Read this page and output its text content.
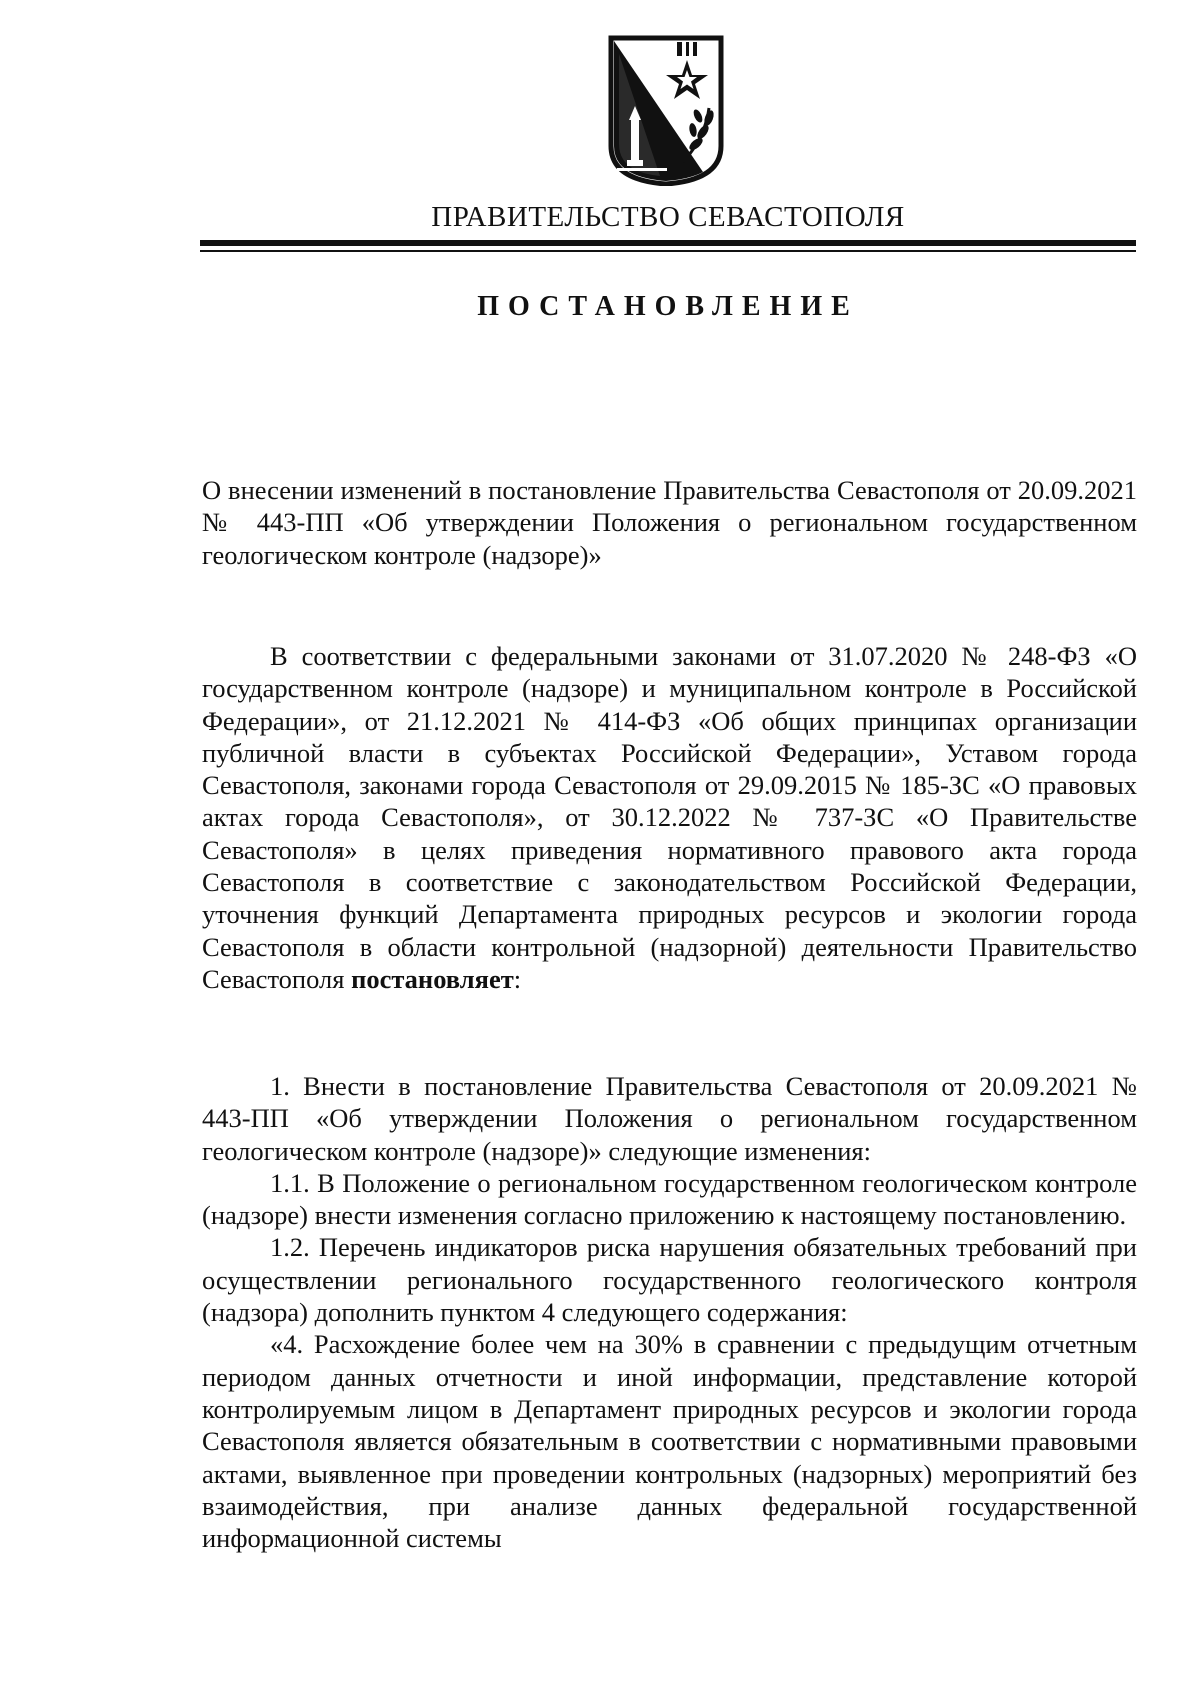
ПРАВИТЕЛЬСТВО СЕВАСТОПОЛЯ
ПОСТАНОВЛЕНИЕ

О внесении изменений в постановление Правительства Севастополя от 20.09.2021 № 443-ПП «Об утверждении Положения о региональном государственном геологическом контроле (надзоре)»

В соответствии с федеральными законами от 31.07.2020 № 248-ФЗ «О государственном контроле (надзоре) и муниципальном контроле в Российской Федерации», от 21.12.2021 № 414-ФЗ «Об общих принципах организации публичной власти в субъектах Российской Федерации», Уставом города Севастополя, законами города Севастополя от 29.09.2015 № 185-ЗС «О правовых актах города Севастополя», от 30.12.2022 № 737-ЗС «О Правительстве Севастополя» в целях приведения нормативного правового акта города Севастополя в соответствие с законодательством Российской Федерации, уточнения функций Департамента природных ресурсов и экологии города Севастополя в области контрольной (надзорной) деятельности Правительство Севастополя постановляет:

1. Внести в постановление Правительства Севастополя от 20.09.2021 № 443-ПП «Об утверждении Положения о региональном государственном геологическом контроле (надзоре)» следующие изменения:

1.1. В Положение о региональном государственном геологическом контроле (надзоре) внести изменения согласно приложению к настоящему постановлению.

1.2. Перечень индикаторов риска нарушения обязательных требований при осуществлении регионального государственного геологического контроля (надзора) дополнить пунктом 4 следующего содержания:

«4. Расхождение более чем на 30% в сравнении с предыдущим отчетным периодом данных отчетности и иной информации, представление которой контролируемым лицом в Департамент природных ресурсов и экологии города Севастополя является обязательным в соответствии с нормативными правовыми актами, выявленное при проведении контрольных (надзорных) мероприятий без взаимодействия, при анализе данных федеральной государственной информационной системы
